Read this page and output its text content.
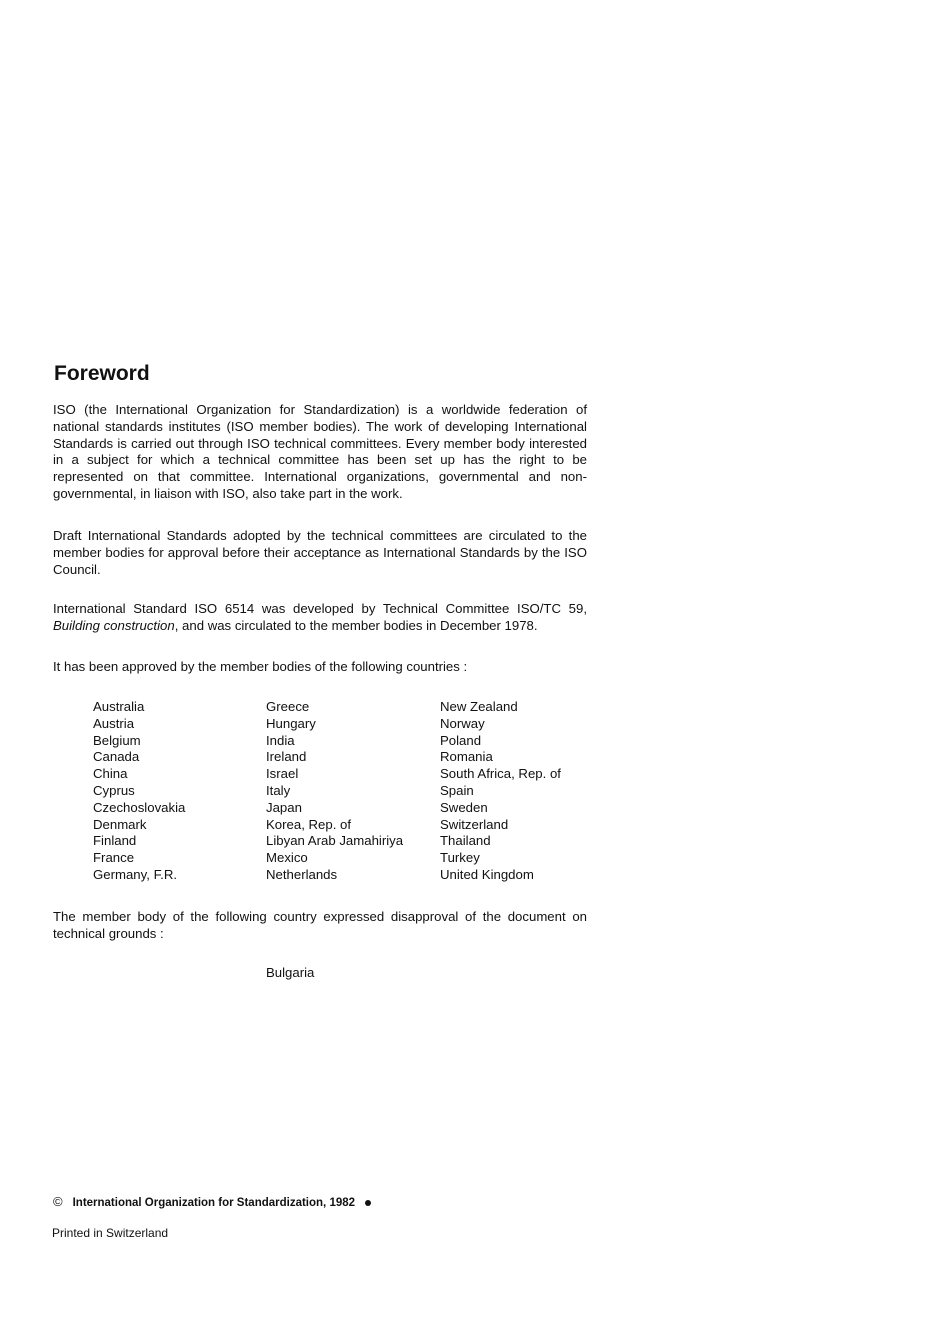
Foreword

ISO (the International Organization for Standardization) is a worldwide federation of national standards institutes (ISO member bodies). The work of developing International Standards is carried out through ISO technical committees. Every member body interested in a subject for which a technical committee has been set up has the right to be represented on that committee. International organizations, governmental and non-governmental, in liaison with ISO, also take part in the work.

Draft International Standards adopted by the technical committees are circulated to the member bodies for approval before their acceptance as International Standards by the ISO Council.

International Standard ISO 6514 was developed by Technical Committee ISO/TC 59, Building construction, and was circulated to the member bodies in December 1978.

It has been approved by the member bodies of the following countries :

Australia
Austria
Belgium
Canada
China
Cyprus
Czechoslovakia
Denmark
Finland
France
Germany, F.R.
Greece
Hungary
India
Ireland
Israel
Italy
Japan
Korea, Rep. of
Libyan Arab Jamahiriya
Mexico
Netherlands
New Zealand
Norway
Poland
Romania
South Africa, Rep. of
Spain
Sweden
Switzerland
Thailand
Turkey
United Kingdom

The member body of the following country expressed disapproval of the document on technical grounds :

Bulgaria
© International Organization for Standardization, 1982
Printed in Switzerland
